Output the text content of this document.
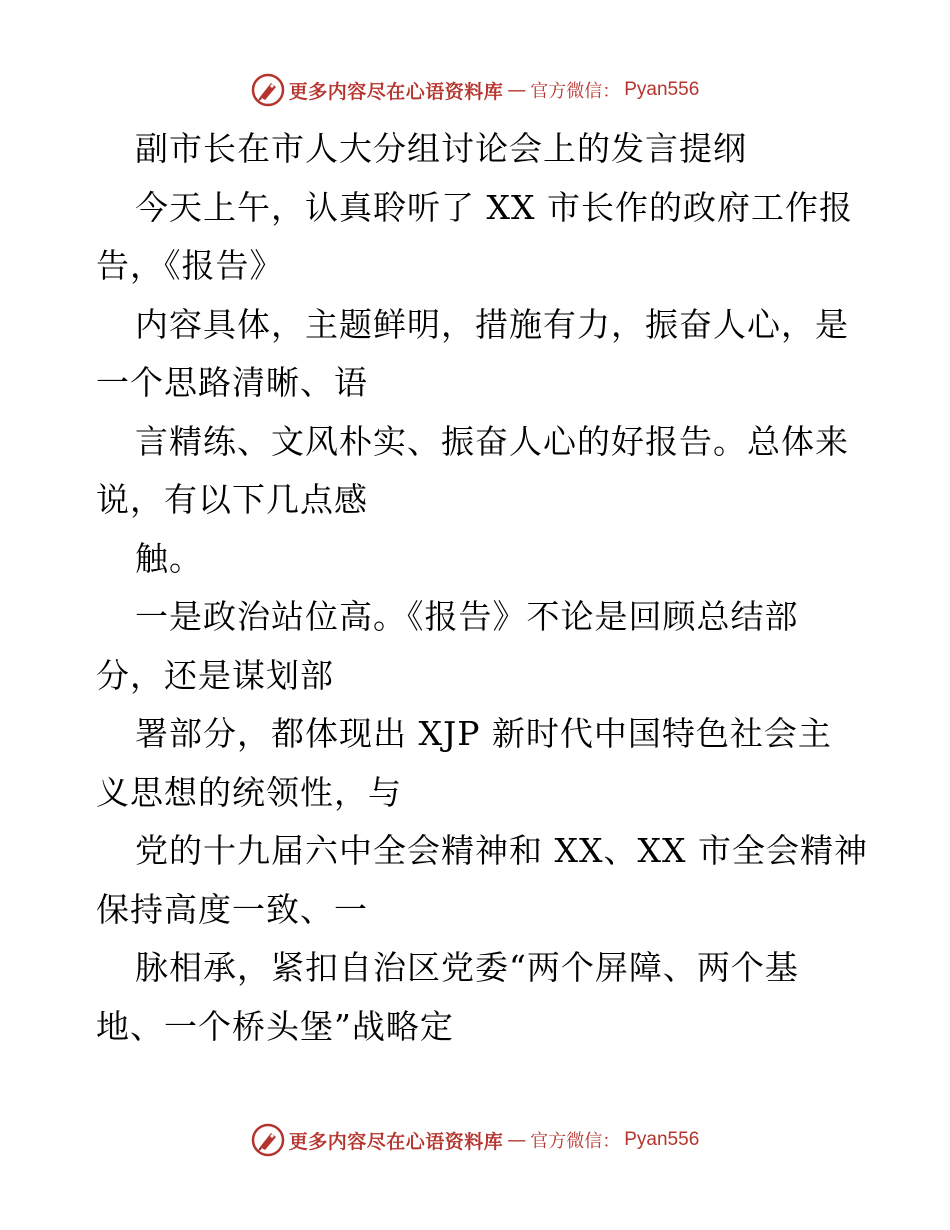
更多内容尽在心语资料库 — 官方微信： Pyan556
副市长在市人大分组讨论会上的发言提纲
今天上午，认真聆听了 XX 市长作的政府工作报
告，《报告》
内容具体，主题鲜明，措施有力，振奋人心，是
一个思路清晰、语
言精练、文风朴实、振奋人心的好报告。总体来
说，有以下几点感
触。
一是政治站位高。《报告》不论是回顾总结部
分，还是谋划部
署部分，都体现出 XJP 新时代中国特色社会主
义思想的统领性，与
党的十九届六中全会精神和 XX、XX 市全会精神
保持高度一致、一
脉相承，紧扣自治区党委“两个屏障、两个基
地、一个桥头堡”战略定
更多内容尽在心语资料库 — 官方微信： Pyan556
